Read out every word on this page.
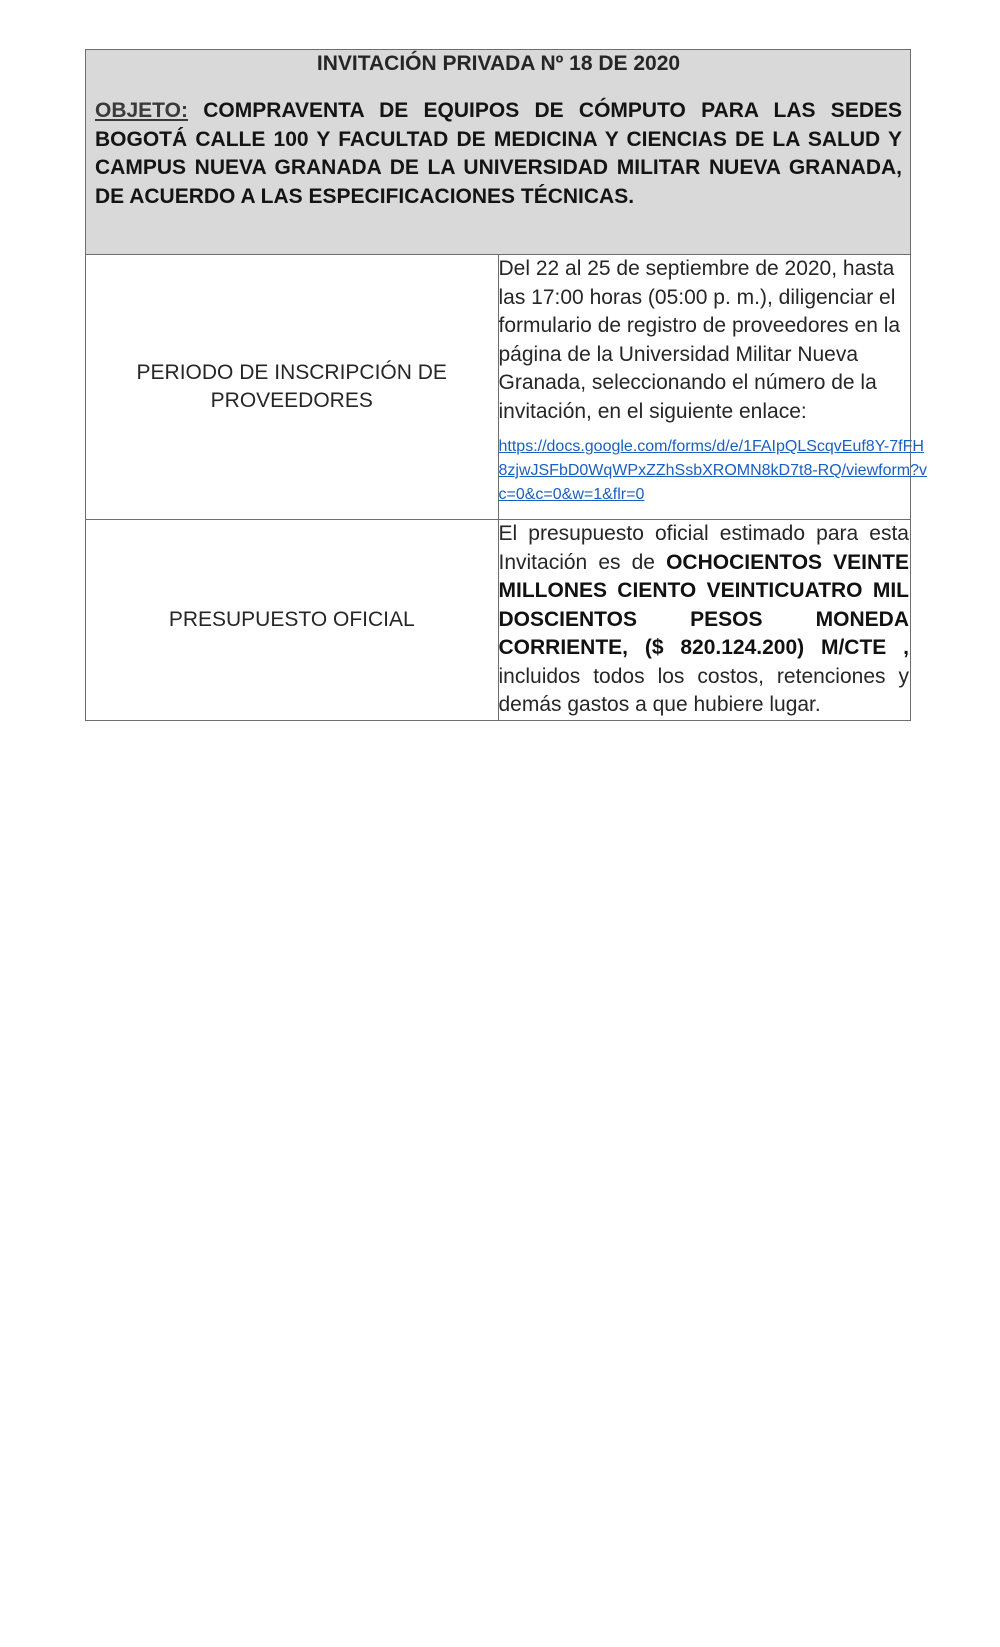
INVITACIÓN PRIVADA Nº 18 DE 2020

OBJETO: COMPRAVENTA DE EQUIPOS DE CÓMPUTO PARA LAS SEDES BOGOTÁ CALLE 100 Y FACULTAD DE MEDICINA Y CIENCIAS DE LA SALUD Y CAMPUS NUEVA GRANADA DE LA UNIVERSIDAD MILITAR NUEVA GRANADA, DE ACUERDO A LAS ESPECIFICACIONES TÉCNICAS.	

PERIODO DE INSCRIPCIÓN DE PROVEEDORES	Del 22 al 25 de septiembre de 2020, hasta las 17:00 horas (05:00 p. m.), diligenciar el formulario de registro de proveedores en la página de la Universidad Militar Nueva Granada, seleccionando el número de la invitación, en el siguiente enlace:

https://docs.google.com/forms/d/e/1FAIpQLScqvEuf8Y-7fFH8zjwJSFbD0WqWPxZZhSsbXROMN8kD7t8-RQ/viewform?vc=0&c=0&w=1&flr=0

PRESUPUESTO OFICIAL	El presupuesto oficial estimado para esta Invitación es de OCHOCIENTOS VEINTE MILLONES CIENTO VEINTICUATRO MIL DOSCIENTOS PESOS MONEDA CORRIENTE, ($ 820.124.200) M/CTE , incluidos todos los costos, retenciones y demás gastos a que hubiere lugar.
